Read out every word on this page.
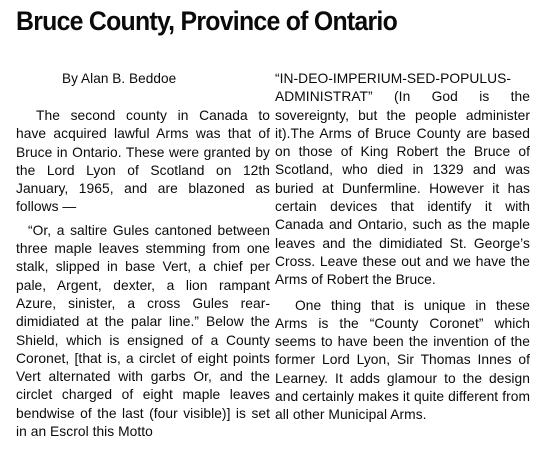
Bruce County, Province of Ontario

By Alan B. Beddoe

The second county in Canada to have acquired lawful Arms was that of Bruce in Ontario. These were granted by the Lord Lyon of Scotland on 12th January, 1965, and are blazoned as follows —

“Or, a saltire Gules cantoned between three maple leaves stemming from one stalk, slipped in base Vert, a chief per pale, Argent, dexter, a lion rampant Azure, sinister, a cross Gules rear-dimidiated at the palar line.” Below the Shield, which is ensigned of a County Coronet, [that is, a circlet of eight points Vert alternated with garbs Or, and the circlet charged of eight maple leaves bendwise of the last (four visible)] is set in an Escrol this Motto

“IN-DEO-IMPERIUM-SED-POPULUS-ADMINISTRAT” (In God is the sovereignty, but the people administer it).The Arms of Bruce County are based on those of King Robert the Bruce of Scotland, who died in 1329 and was buried at Dunfermline. However it has certain devices that identify it with Canada and Ontario, such as the maple leaves and the dimidiated St. George’s Cross. Leave these out and we have the Arms of Robert the Bruce.

One thing that is unique in these Arms is the “County Coronet” which seems to have been the invention of the former Lord Lyon, Sir Thomas Innes of Learney. It adds glamour to the design and certainly makes it quite different from all other Municipal Arms.
